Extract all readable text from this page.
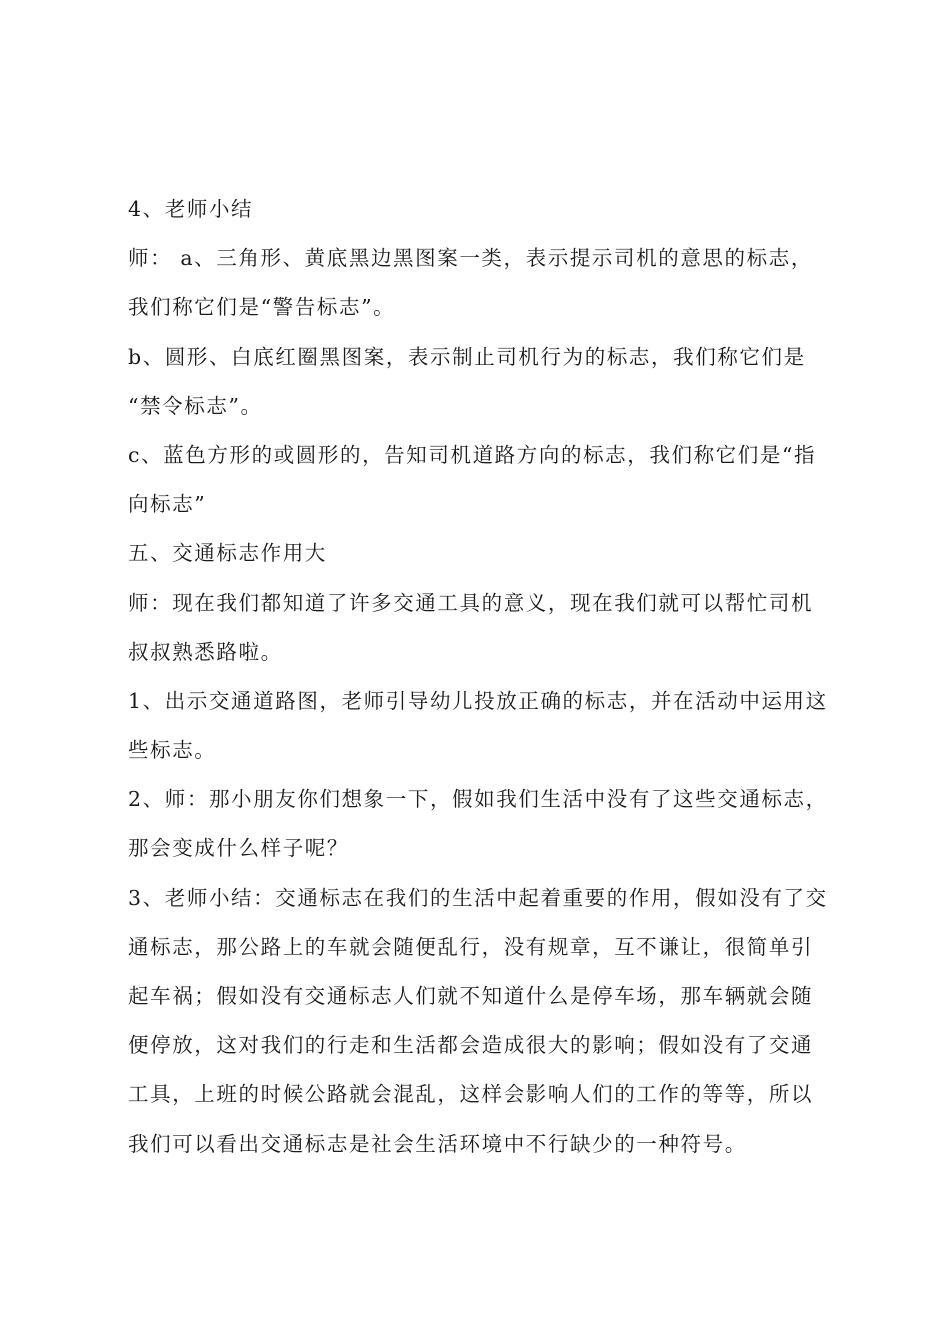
4、老师小结
师： a、三角形、黄底黑边黑图案一类，表示提示司机的意思的标志，
我们称它们是“警告标志”。
b、圆形、白底红圈黑图案，表示制止司机行为的标志，我们称它们是
“禁令标志”。
c、蓝色方形的或圆形的，告知司机道路方向的标志，我们称它们是“指
向标志”
五、交通标志作用大
师：现在我们都知道了许多交通工具的意义，现在我们就可以帮忙司机
叔叔熟悉路啦。
1、出示交通道路图，老师引导幼儿投放正确的标志，并在活动中运用这
些标志。
2、师：那小朋友你们想象一下，假如我们生活中没有了这些交通标志，
那会变成什么样子呢？
3、老师小结：交通标志在我们的生活中起着重要的作用，假如没有了交
通标志，那公路上的车就会随便乱行，没有规章，互不谦让，很简单引
起车祸；假如没有交通标志人们就不知道什么是停车场，那车辆就会随
便停放，这对我们的行走和生活都会造成很大的影响；假如没有了交通
工具，上班的时候公路就会混乱，这样会影响人们的工作的等等，所以
我们可以看出交通标志是社会生活环境中不行缺少的一种符号。
